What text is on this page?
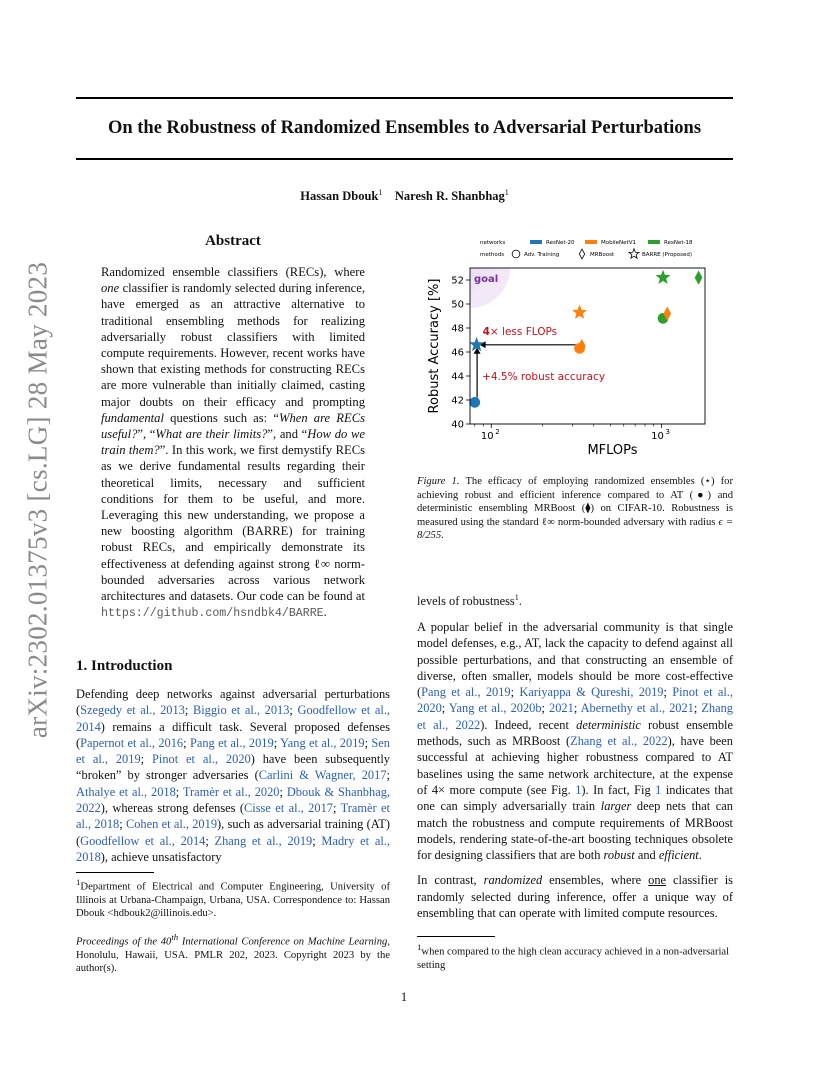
arXiv:2302.01375v3 [cs.LG] 28 May 2023
On the Robustness of Randomized Ensembles to Adversarial Perturbations
Hassan Dbouk$^1$ Naresh R. Shanbhag$^1$
Abstract
Randomized ensemble classifiers (RECs), where one classifier is randomly selected during inference, have emerged as an attractive alternative to traditional ensembling methods for realizing adversarially robust classifiers with limited compute requirements. However, recent works have shown that existing methods for constructing RECs are more vulnerable than initially claimed, casting major doubts on their efficacy and prompting fundamental questions such as: “When are RECs useful?”, “What are their limits?”, and “How do we train them?”. In this work, we first demystify RECs as we derive fundamental results regarding their theoretical limits, necessary and sufficient conditions for them to be useful, and more. Leveraging this new understanding, we propose a new boosting algorithm (BARRE) for training robust RECs, and empirically demonstrate its effectiveness at defending against strong ℓ∞ norm-bounded adversaries across various network architectures and datasets. Our code can be found at https://github.com/hsndbk4/BARRE.
1. Introduction
Defending deep networks against adversarial perturbations (Szegedy et al., 2013; Biggio et al., 2013; Goodfellow et al., 2014) remains a difficult task. Several proposed defenses (Papernot et al., 2016; Pang et al., 2019; Yang et al., 2019; Sen et al., 2019; Pinot et al., 2020) have been subsequently “broken” by stronger adversaries (Carlini & Wagner, 2017; Athalye et al., 2018; Tramèr et al., 2020; Dbouk & Shanbhag, 2022), whereas strong defenses (Cisse et al., 2017; Tramèr et al., 2018; Cohen et al., 2019), such as adversarial training (AT) (Goodfellow et al., 2014; Zhang et al., 2019; Madry et al., 2018), achieve unsatisfactory
$^1$Department of Electrical and Computer Engineering, University of Illinois at Urbana-Champaign, Urbana, USA. Correspondence to: Hassan Dbouk <hdbouk2@illinois.edu>.
Proceedings of the 40th International Conference on Machine Learning, Honolulu, Hawaii, USA. PMLR 202, 2023. Copyright 2023 by the author(s).
networks
methods
ResNet-20	MobileNetV1	ResNet-18
Adv. Training	MRBoost	BARRE (Proposed)
goal
4× less FLOPs
+4.5% robust accuracy
40
42
44
46
48
50
52
10 2	10 3
MFLOPs
Robust Accuracy [%]
Figure 1. The efficacy of employing randomized ensembles (⋆) for achieving robust and efficient inference compared to AT (●) and deterministic ensembling MRBoost (⧫) on CIFAR-10. Robustness is measured using the standard ℓ∞ norm-bounded adversary with radius ϵ = 8/255.
levels of robustness$^1$.

A popular belief in the adversarial community is that single model defenses, e.g., AT, lack the capacity to defend against all possible perturbations, and that constructing an ensemble of diverse, often smaller, models should be more cost-effective (Pang et al., 2019; Kariyappa & Qureshi, 2019; Pinot et al., 2020; Yang et al., 2020b; 2021; Abernethy et al., 2021; Zhang et al., 2022). Indeed, recent deterministic robust ensemble methods, such as MRBoost (Zhang et al., 2022), have been successful at achieving higher robustness compared to AT baselines using the same network architecture, at the expense of 4× more compute (see Fig. 1). In fact, Fig 1 indicates that one can simply adversarially train larger deep nets that can match the robustness and compute requirements of MRBoost models, rendering state-of-the-art boosting techniques obsolete for designing classifiers that are both robust and efficient.

In contrast, randomized ensembles, where one classifier is randomly selected during inference, offer a unique way of ensembling that can operate with limited compute resources.

$^1$when compared to the high clean accuracy achieved in a non-adversarial setting
1
